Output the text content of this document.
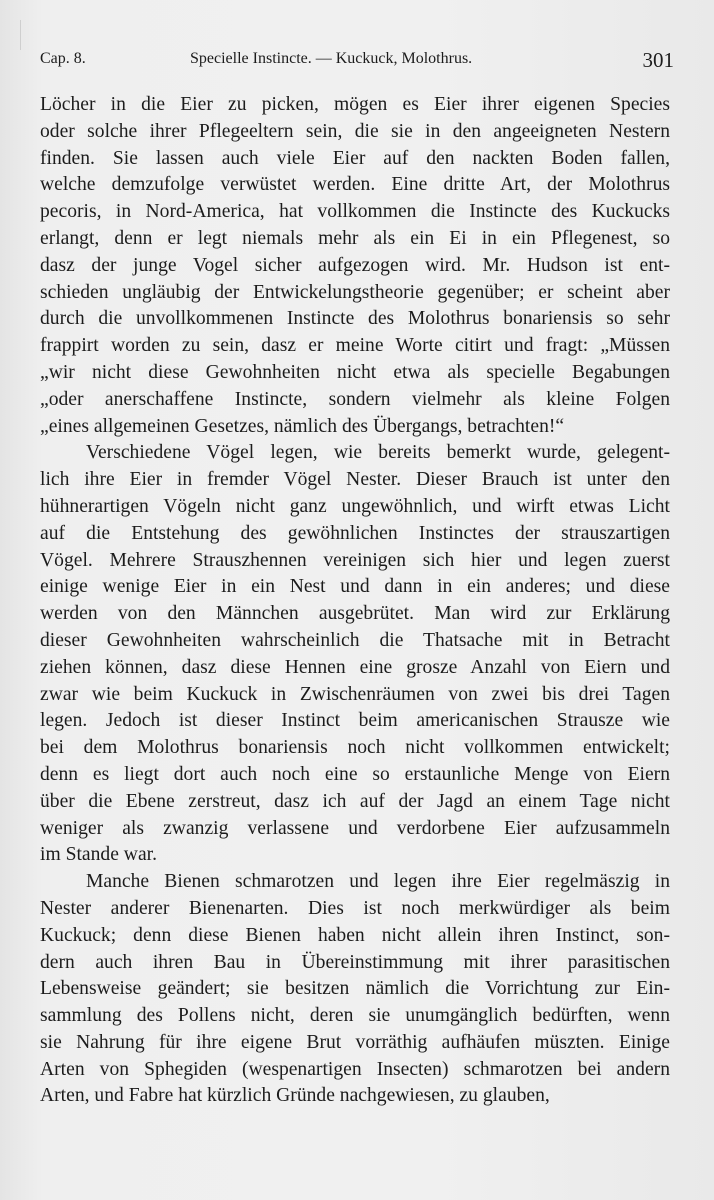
Cap. 8.	Specielle Instincte. — Kuckuck, Molothrus.	301
Löcher in die Eier zu picken, mögen es Eier ihrer eigenen Species
oder solche ihrer Pflegeeltern sein, die sie in den angeeigneten Nestern
finden. Sie lassen auch viele Eier auf den nackten Boden fallen,
welche demzufolge verwüstet werden. Eine dritte Art, der Molothrus
pecoris, in Nord-America, hat vollkommen die Instincte des Kuckucks
erlangt, denn er legt niemals mehr als ein Ei in ein Pflegenest, so
dasz der junge Vogel sicher aufgezogen wird. Mr. Hudson ist ent-
schieden ungläubig der Entwickelungstheorie gegenüber; er scheint aber
durch die unvollkommenen Instincte des Molothrus bonariensis so sehr
frappirt worden zu sein, dasz er meine Worte citirt und fragt: „Müssen
„wir nicht diese Gewohnheiten nicht etwa als specielle Begabungen
„oder anerschaffene Instincte, sondern vielmehr als kleine Folgen
„eines allgemeinen Gesetzes, nämlich des Übergangs, betrachten!“
Verschiedene Vögel legen, wie bereits bemerkt wurde, gelegent-
lich ihre Eier in fremder Vögel Nester. Dieser Brauch ist unter den
hühnerartigen Vögeln nicht ganz ungewöhnlich, und wirft etwas Licht
auf die Entstehung des gewöhnlichen Instinctes der strauszartigen
Vögel. Mehrere Strauszhennen vereinigen sich hier und legen zuerst
einige wenige Eier in ein Nest und dann in ein anderes; und diese
werden von den Männchen ausgebrütet. Man wird zur Erklärung
dieser Gewohnheiten wahrscheinlich die Thatsache mit in Betracht
ziehen können, dasz diese Hennen eine grosze Anzahl von Eiern und
zwar wie beim Kuckuck in Zwischenräumen von zwei bis drei Tagen
legen. Jedoch ist dieser Instinct beim americanischen Strausze wie
bei dem Molothrus bonariensis noch nicht vollkommen entwickelt;
denn es liegt dort auch noch eine so erstaunliche Menge von Eiern
über die Ebene zerstreut, dasz ich auf der Jagd an einem Tage nicht
weniger als zwanzig verlassene und verdorbene Eier aufzusammeln
im Stande war.
Manche Bienen schmarotzen und legen ihre Eier regelmäszig in
Nester anderer Bienenarten. Dies ist noch merkwürdiger als beim
Kuckuck; denn diese Bienen haben nicht allein ihren Instinct, son-
dern auch ihren Bau in Übereinstimmung mit ihrer parasitischen
Lebensweise geändert; sie besitzen nämlich die Vorrichtung zur Ein-
sammlung des Pollens nicht, deren sie unumgänglich bedürften, wenn
sie Nahrung für ihre eigene Brut vorräthig aufhäufen müszten. Einige
Arten von Sphegiden (wespenartigen Insecten) schmarotzen bei andern
Arten, und Fabre hat kürzlich Gründe nachgewiesen, zu glauben,
